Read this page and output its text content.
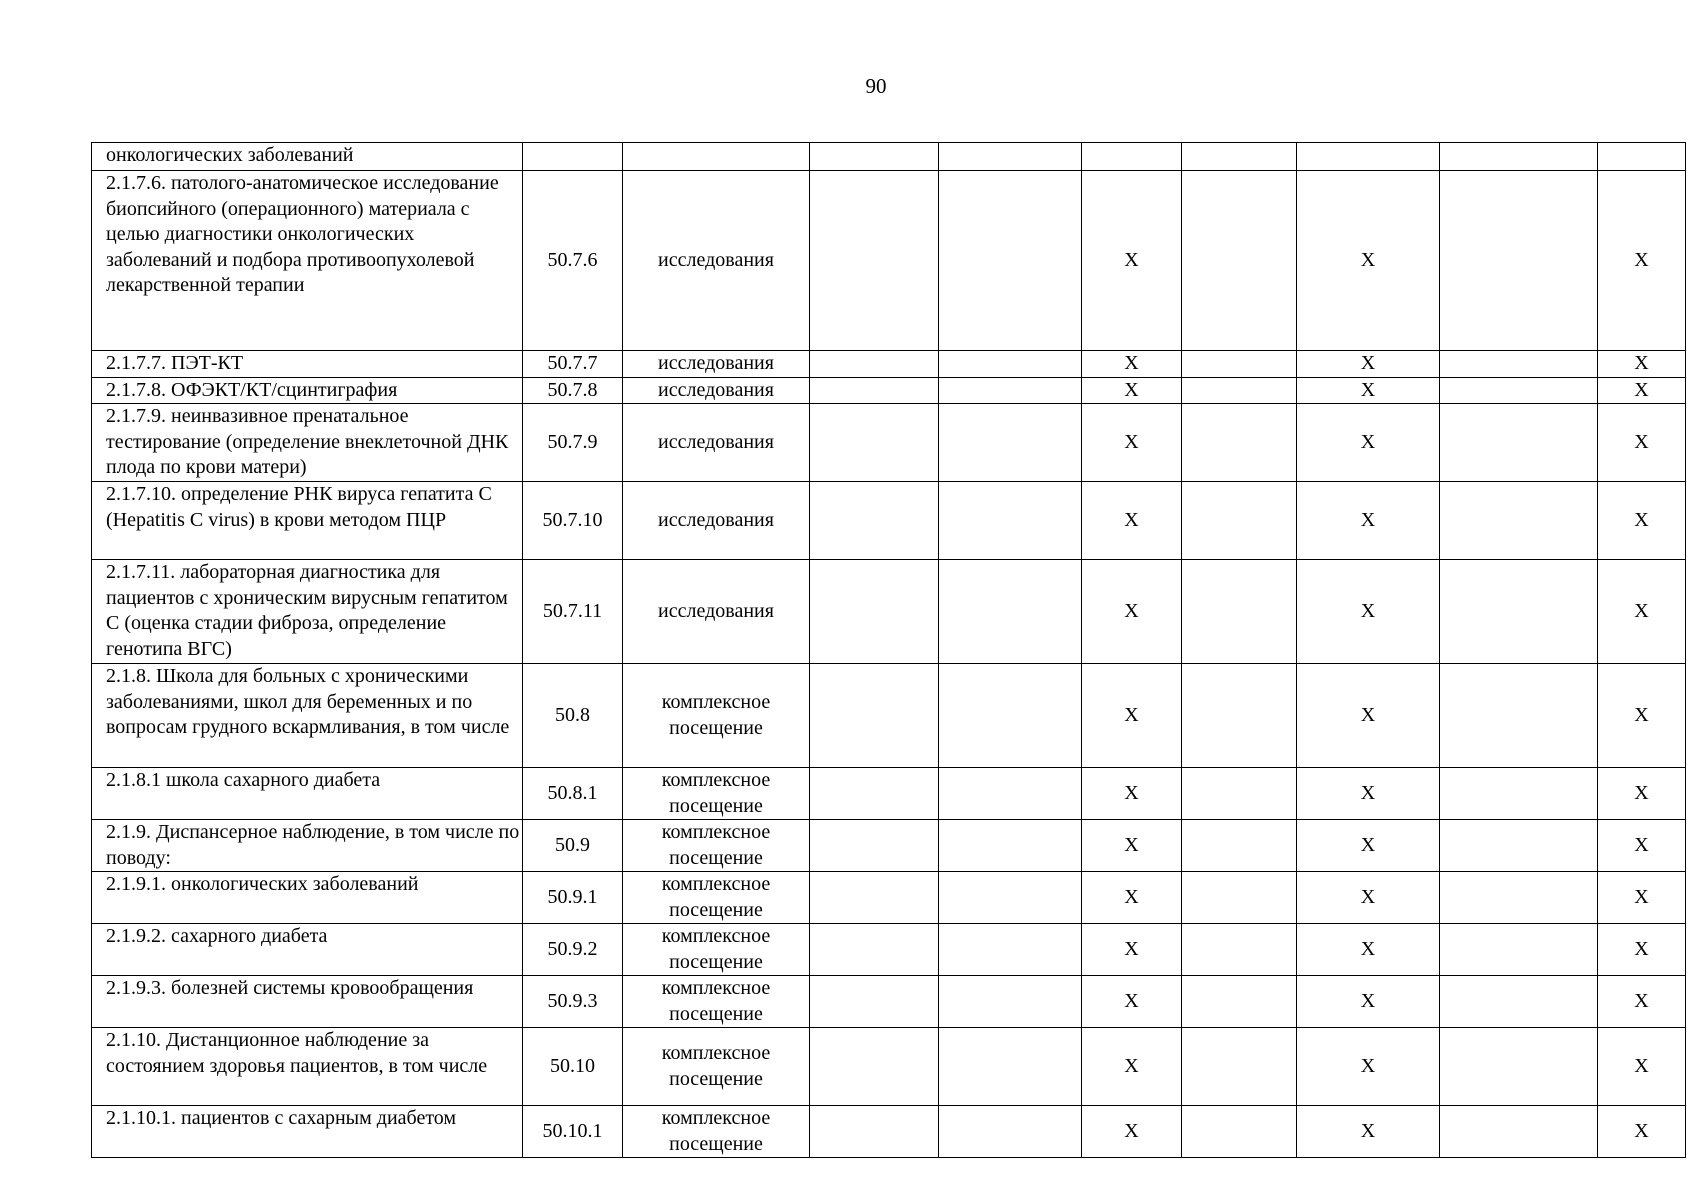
90
онкологических заболеваний									
2.1.7.6. патолого-анатомическое исследование биопсийного (операционного) материала с целью диагностики онкологических заболеваний и подбора противоопухолевой лекарственной терапии	50.7.6	исследования			X		X		X
2.1.7.7. ПЭТ-КТ	50.7.7	исследования			X		X		X
2.1.7.8. ОФЭКТ/КТ/сцинтиграфия	50.7.8	исследования			X		X		X
2.1.7.9. неинвазивное пренатальное тестирование (определение внеклеточной ДНК плода по крови матери)	50.7.9	исследования			X		X		X
2.1.7.10. определение РНК вируса гепатита С (Hepatitis C virus) в крови методом ПЦР	50.7.10	исследования			X		X		X
2.1.7.11. лабораторная диагностика для пациентов с хроническим вирусным гепатитом С (оценка стадии фиброза, определение генотипа ВГС)	50.7.11	исследования			X		X		X
2.1.8. Школа для больных с хроническими заболеваниями, школ для беременных и по вопросам грудного вскармливания, в том числе	50.8	комплексное посещение			X		X		X
2.1.8.1 школа сахарного диабета	50.8.1	комплексное посещение			X		X		X
2.1.9. Диспансерное наблюдение, в том числе по поводу:	50.9	комплексное посещение			X		X		X
2.1.9.1. онкологических заболеваний	50.9.1	комплексное посещение			X		X		X
2.1.9.2. сахарного диабета	50.9.2	комплексное посещение			X		X		X
2.1.9.3. болезней системы кровообращения	50.9.3	комплексное посещение			X		X		X
2.1.10. Дистанционное наблюдение за состоянием здоровья пациентов, в том числе	50.10	комплексное посещение			X		X		X
2.1.10.1. пациентов с сахарным диабетом	50.10.1	комплексное посещение			X		X		X
